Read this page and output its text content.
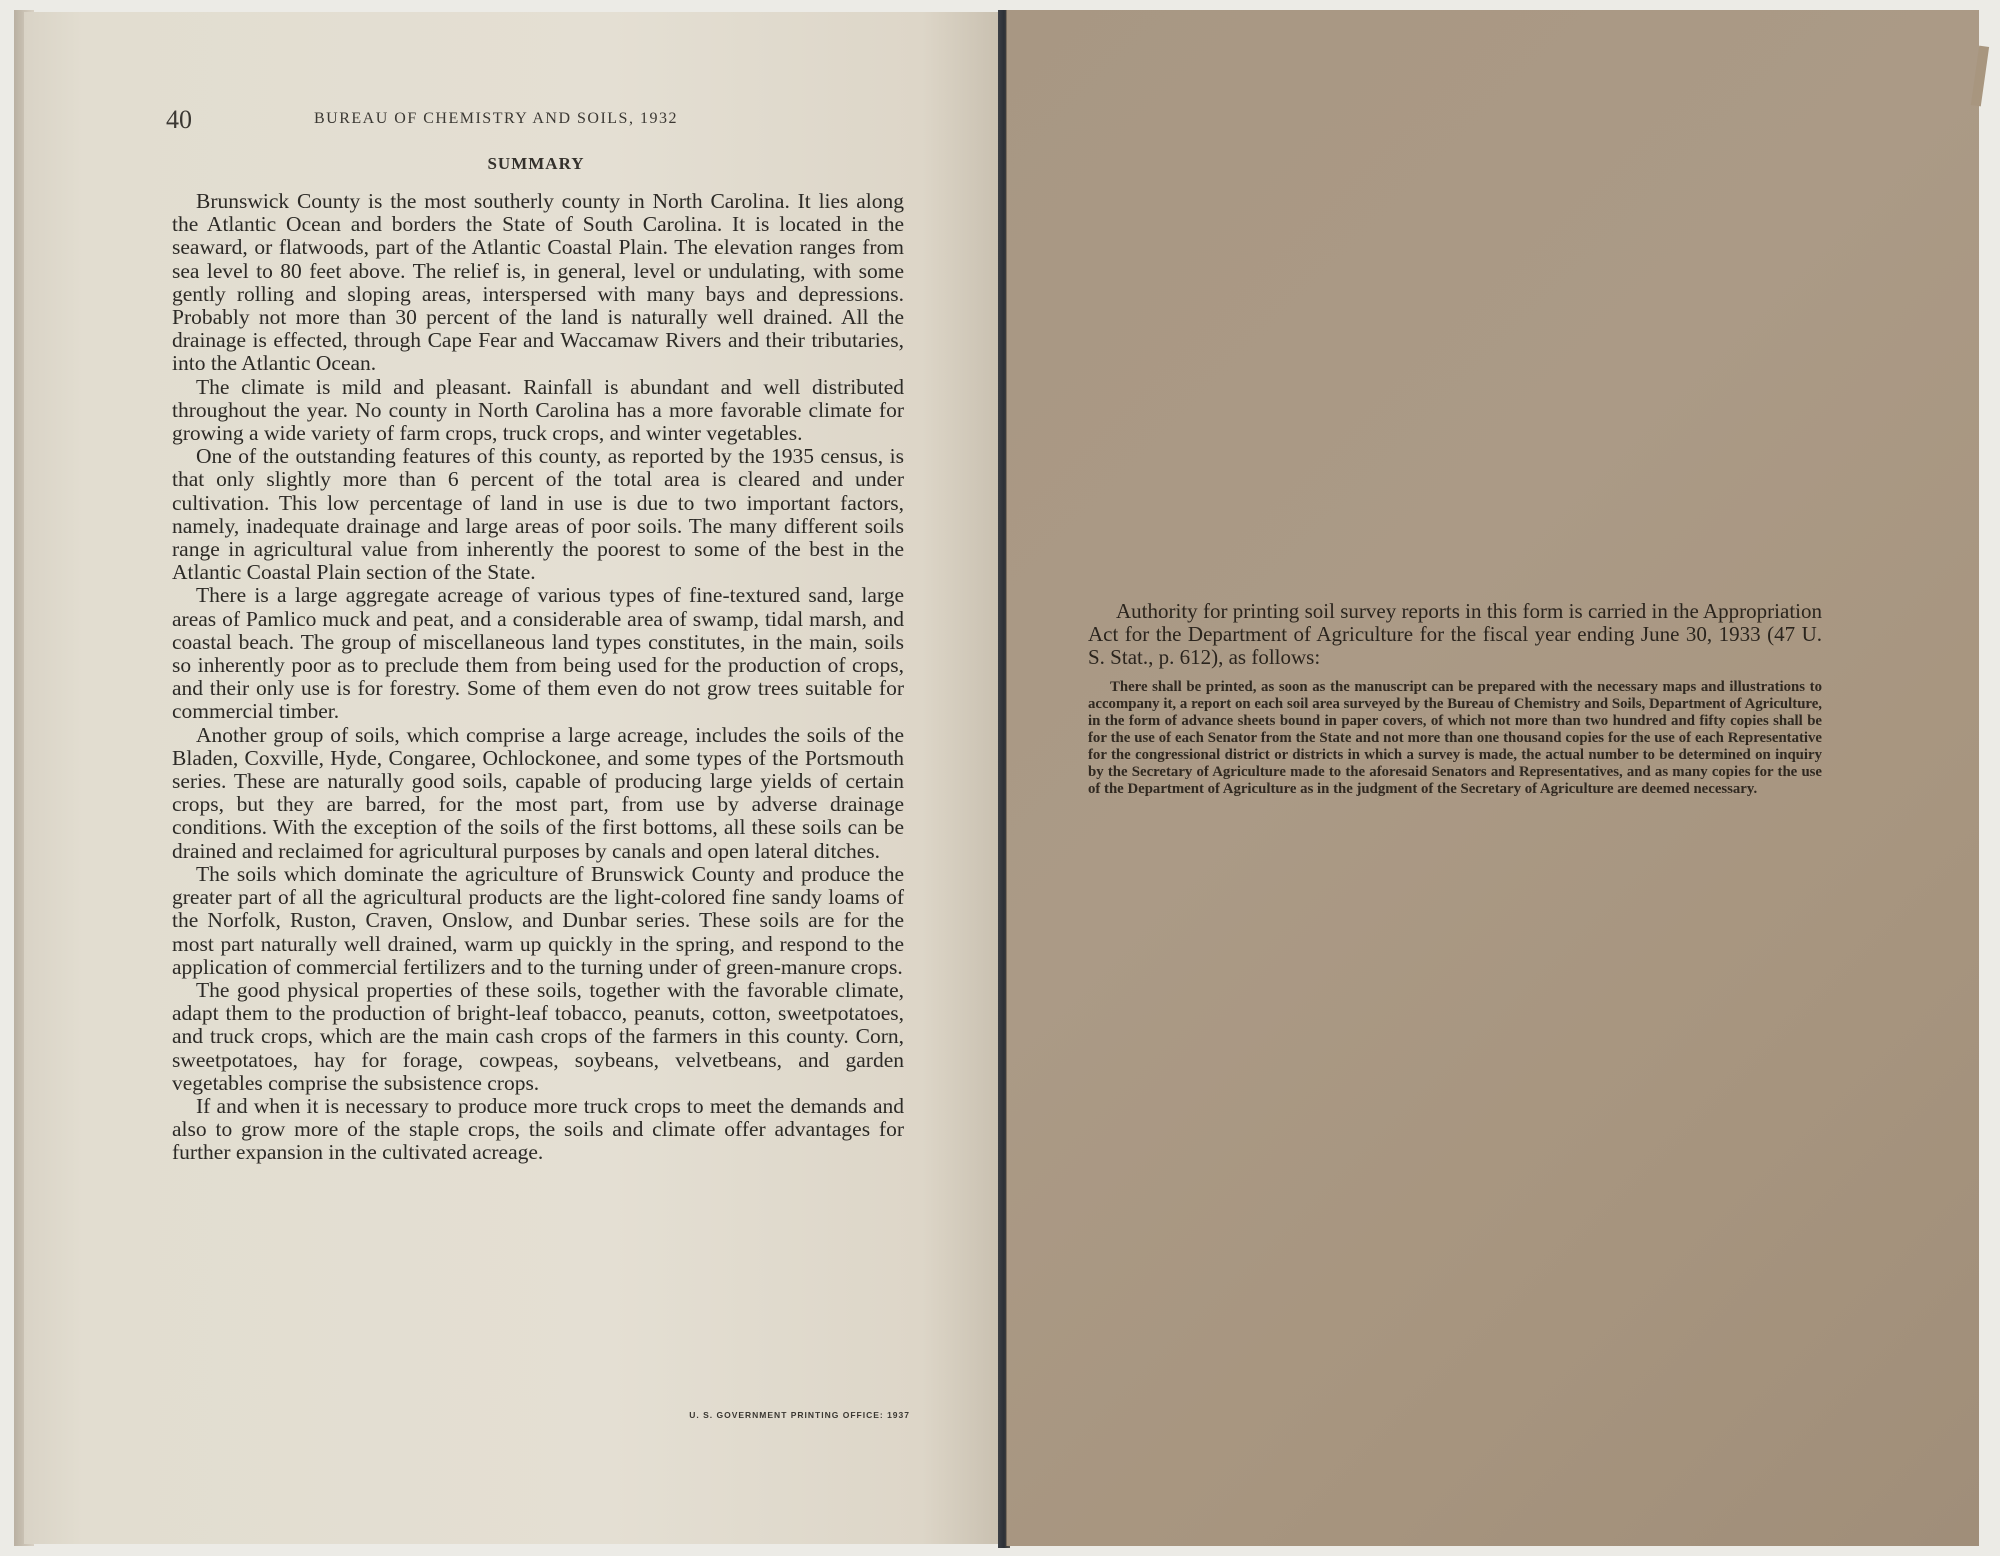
40	BUREAU OF CHEMISTRY AND SOILS, 1932
SUMMARY

Brunswick County is the most southerly county in North Carolina. It lies along the Atlantic Ocean and borders the State of South Carolina. It is located in the seaward, or flatwoods, part of the Atlantic Coastal Plain. The elevation ranges from sea level to 80 feet above. The relief is, in general, level or undulating, with some gently rolling and sloping areas, interspersed with many bays and depressions. Probably not more than 30 percent of the land is naturally well drained. All the drainage is effected, through Cape Fear and Waccamaw Rivers and their tributaries, into the Atlantic Ocean.

The climate is mild and pleasant. Rainfall is abundant and well distributed throughout the year. No county in North Carolina has a more favorable climate for growing a wide variety of farm crops, truck crops, and winter vegetables.

One of the outstanding features of this county, as reported by the 1935 census, is that only slightly more than 6 percent of the total area is cleared and under cultivation. This low percentage of land in use is due to two important factors, namely, inadequate drainage and large areas of poor soils. The many different soils range in agricultural value from inherently the poorest to some of the best in the Atlantic Coastal Plain section of the State.

There is a large aggregate acreage of various types of fine-textured sand, large areas of Pamlico muck and peat, and a considerable area of swamp, tidal marsh, and coastal beach. The group of miscellaneous land types constitutes, in the main, soils so inherently poor as to preclude them from being used for the production of crops, and their only use is for forestry. Some of them even do not grow trees suitable for commercial timber.

Another group of soils, which comprise a large acreage, includes the soils of the Bladen, Coxville, Hyde, Congaree, Ochlockonee, and some types of the Portsmouth series. These are naturally good soils, capable of producing large yields of certain crops, but they are barred, for the most part, from use by adverse drainage conditions. With the exception of the soils of the first bottoms, all these soils can be drained and reclaimed for agricultural purposes by canals and open lateral ditches.

The soils which dominate the agriculture of Brunswick County and produce the greater part of all the agricultural products are the light-colored fine sandy loams of the Norfolk, Ruston, Craven, Onslow, and Dunbar series. These soils are for the most part naturally well drained, warm up quickly in the spring, and respond to the application of commercial fertilizers and to the turning under of green-manure crops.

The good physical properties of these soils, together with the favorable climate, adapt them to the production of bright-leaf tobacco, peanuts, cotton, sweetpotatoes, and truck crops, which are the main cash crops of the farmers in this county. Corn, sweetpotatoes, hay for forage, cowpeas, soybeans, velvetbeans, and garden vegetables comprise the subsistence crops.

If and when it is necessary to produce more truck crops to meet the demands and also to grow more of the staple crops, the soils and climate offer advantages for further expansion in the cultivated acreage.

U. S. GOVERNMENT PRINTING OFFICE: 1937

Authority for printing soil survey reports in this form is carried in the Appropriation Act for the Department of Agriculture for the fiscal year ending June 30, 1933 (47 U. S. Stat., p. 612), as follows:

There shall be printed, as soon as the manuscript can be prepared with the necessary maps and illustrations to accompany it, a report on each soil area surveyed by the Bureau of Chemistry and Soils, Department of Agriculture, in the form of advance sheets bound in paper covers, of which not more than two hundred and fifty copies shall be for the use of each Senator from the State and not more than one thousand copies for the use of each Representative for the congressional district or districts in which a survey is made, the actual number to be determined on inquiry by the Secretary of Agriculture made to the aforesaid Senators and Representatives, and as many copies for the use of the Department of Agriculture as in the judgment of the Secretary of Agriculture are deemed necessary.
